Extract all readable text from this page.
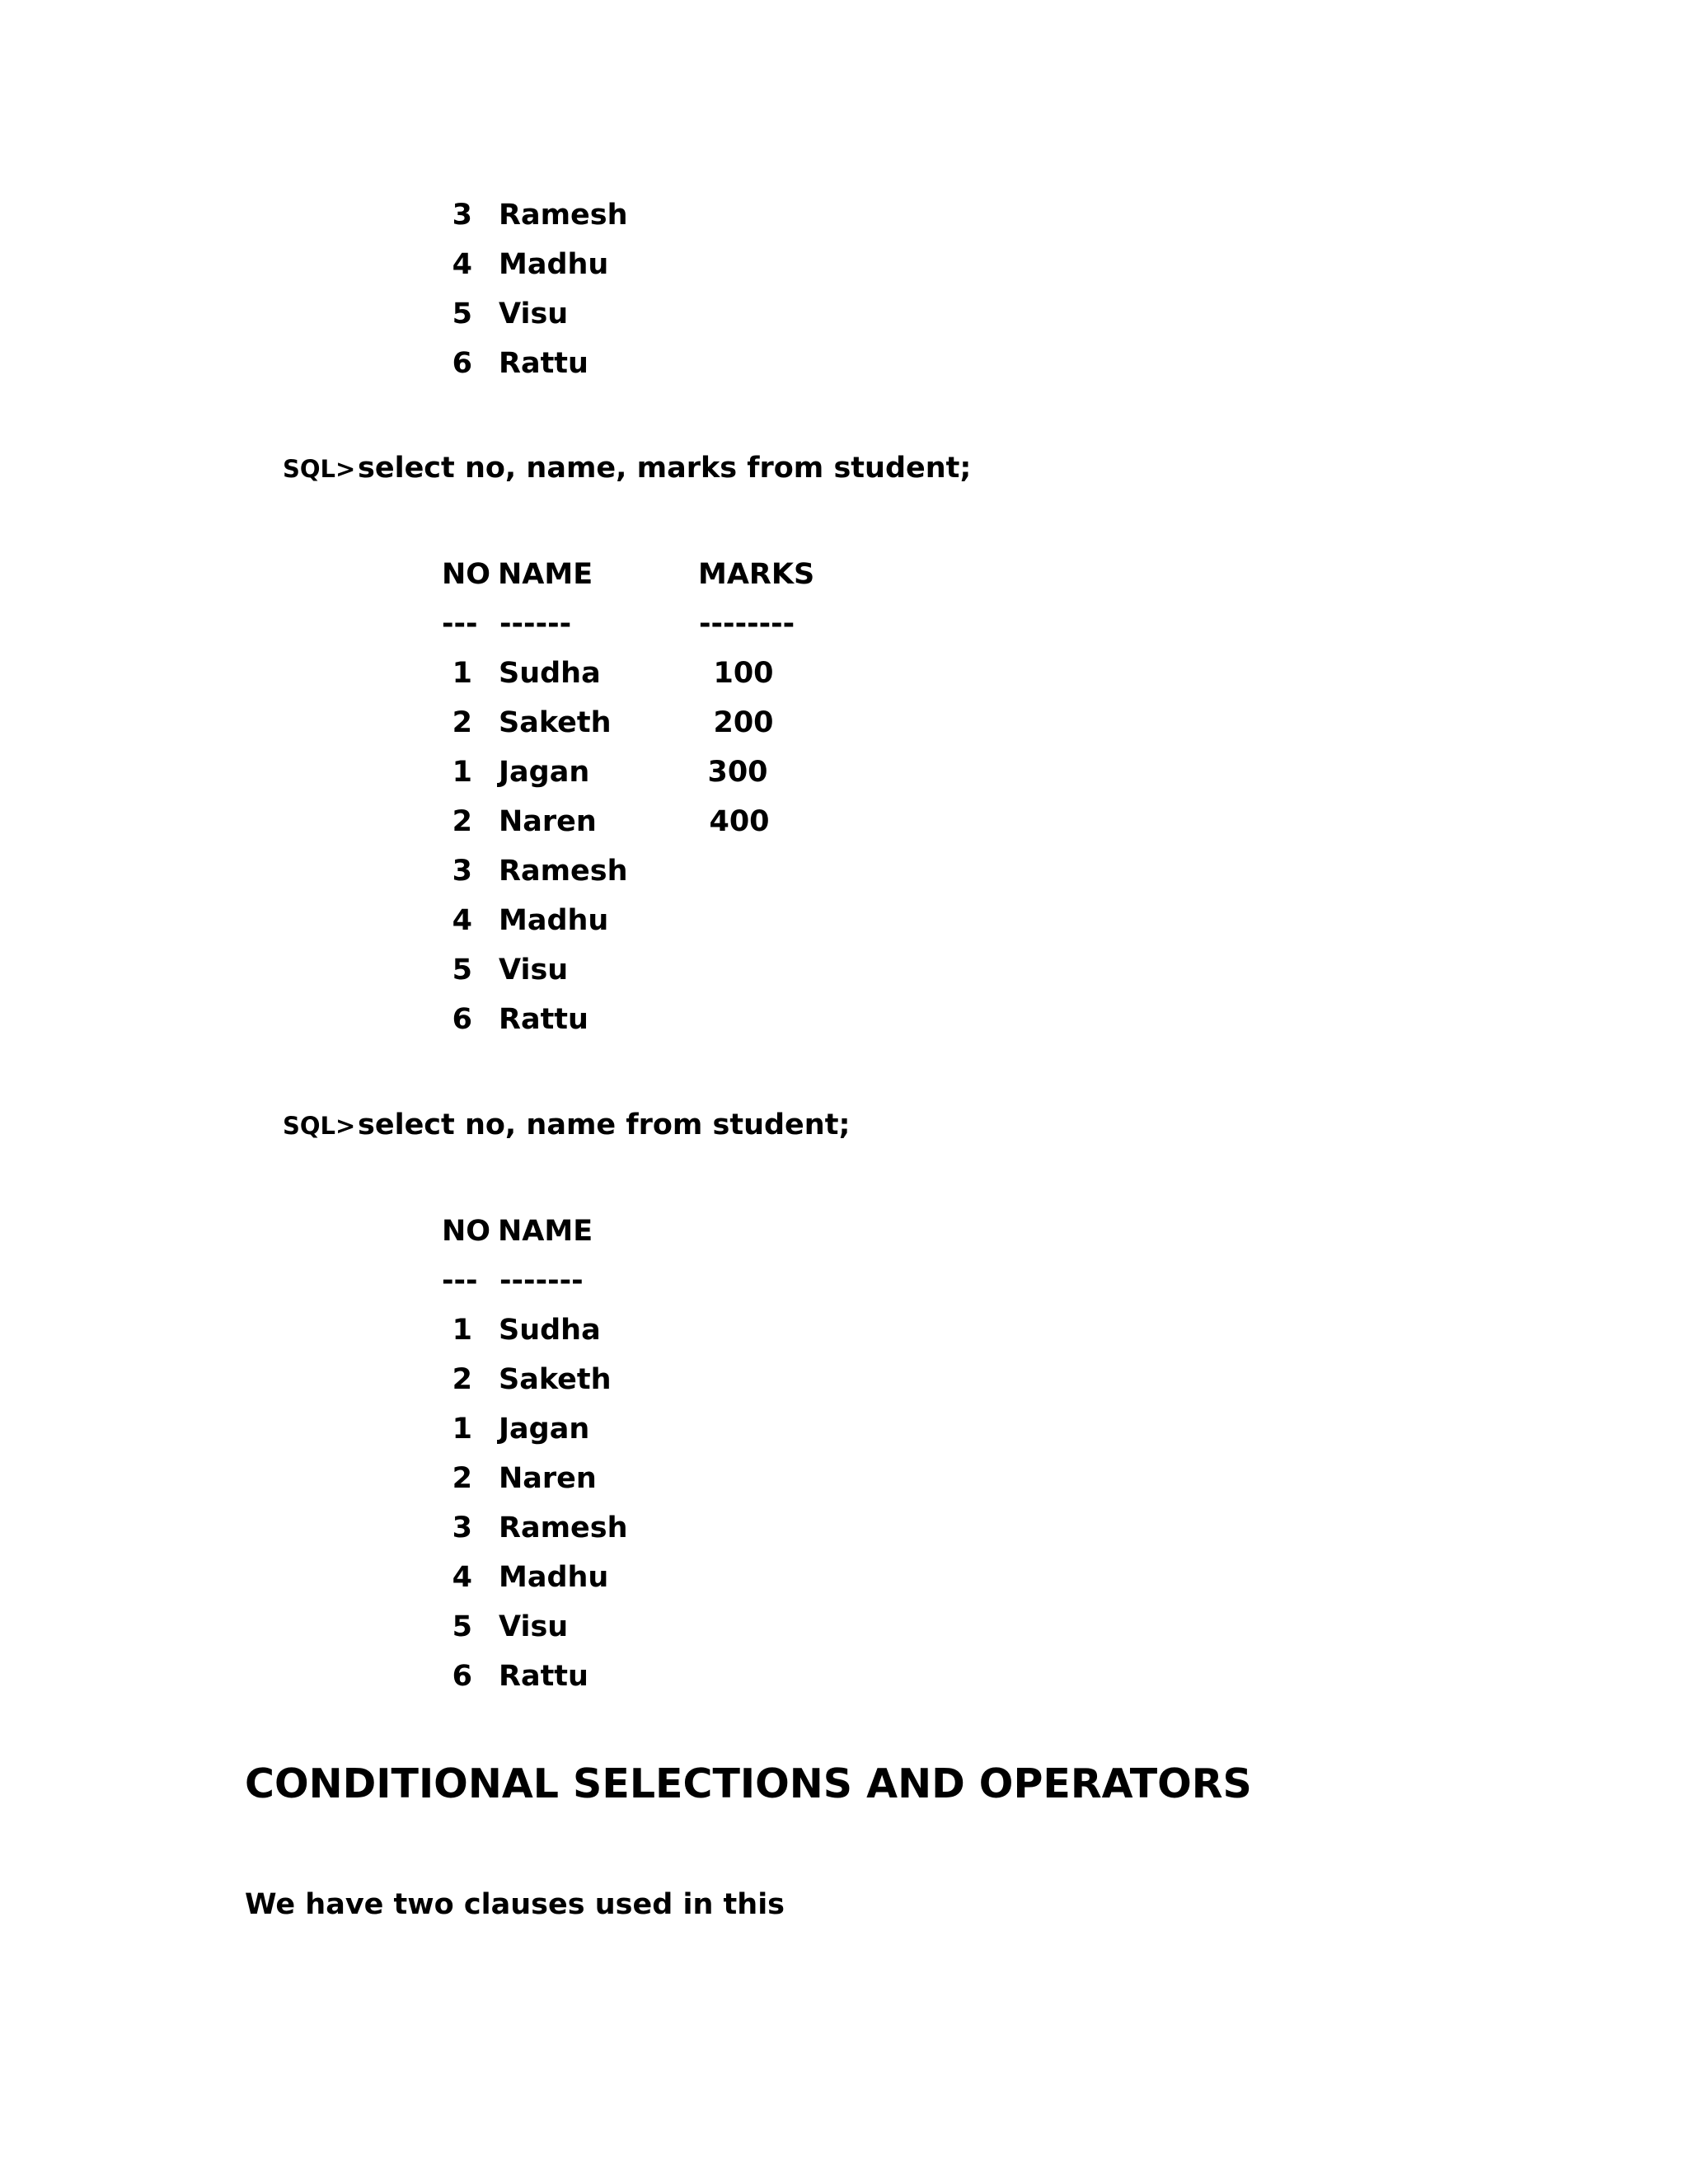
3 Ramesh
4 Madhu
5 Visu
6 Rattu
SQL> select no, name, marks from student;
NO NAME	MARKS
--- ------	--------
1 Sudha	100
2 Saketh	200
1 Jagan	300
2 Naren	400
3 Ramesh
4 Madhu
5 Visu
6 Rattu
SQL> select no, name from student;
NO NAME
--- -------
1 Sudha
2 Saketh
1 Jagan
2 Naren
3 Ramesh
4 Madhu
5 Visu
6 Rattu
CONDITIONAL SELECTIONS AND OPERATORS

We have two clauses used in this
